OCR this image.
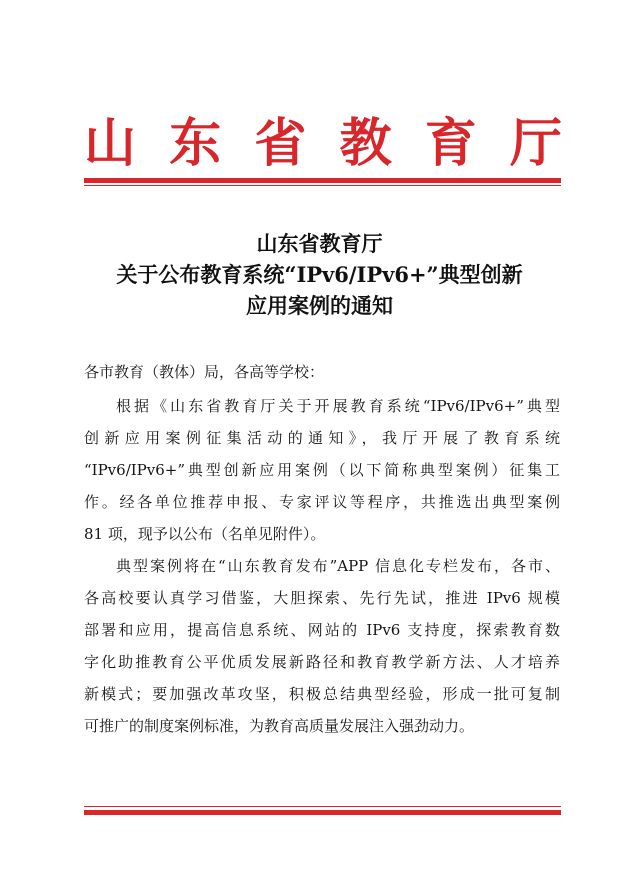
山 东 省 教 育 厅
山东省教育厅
关于公布教育系统“IPv6/IPv6+”典型创新
应用案例的通知
各市教育（教体）局，各高等学校：
根据《山东省教育厅关于开展教育系统“IPv6/IPv6+”典型
创新应用案例征集活动的通知》，我厅开展了教育系统
“IPv6/IPv6+”典型创新应用案例（以下简称典型案例）征集工
作。经各单位推荐申报、专家评议等程序，共推选出典型案例
81 项，现予以公布（名单见附件）。
典型案例将在“山东教育发布”APP 信息化专栏发布，各市、
各高校要认真学习借鉴，大胆探索、先行先试，推进 IPv6 规模
部署和应用，提高信息系统、网站的 IPv6 支持度，探索教育数
字化助推教育公平优质发展新路径和教育教学新方法、人才培养
新模式；要加强改革攻坚，积极总结典型经验，形成一批可复制
可推广的制度案例标准，为教育高质量发展注入强劲动力。
